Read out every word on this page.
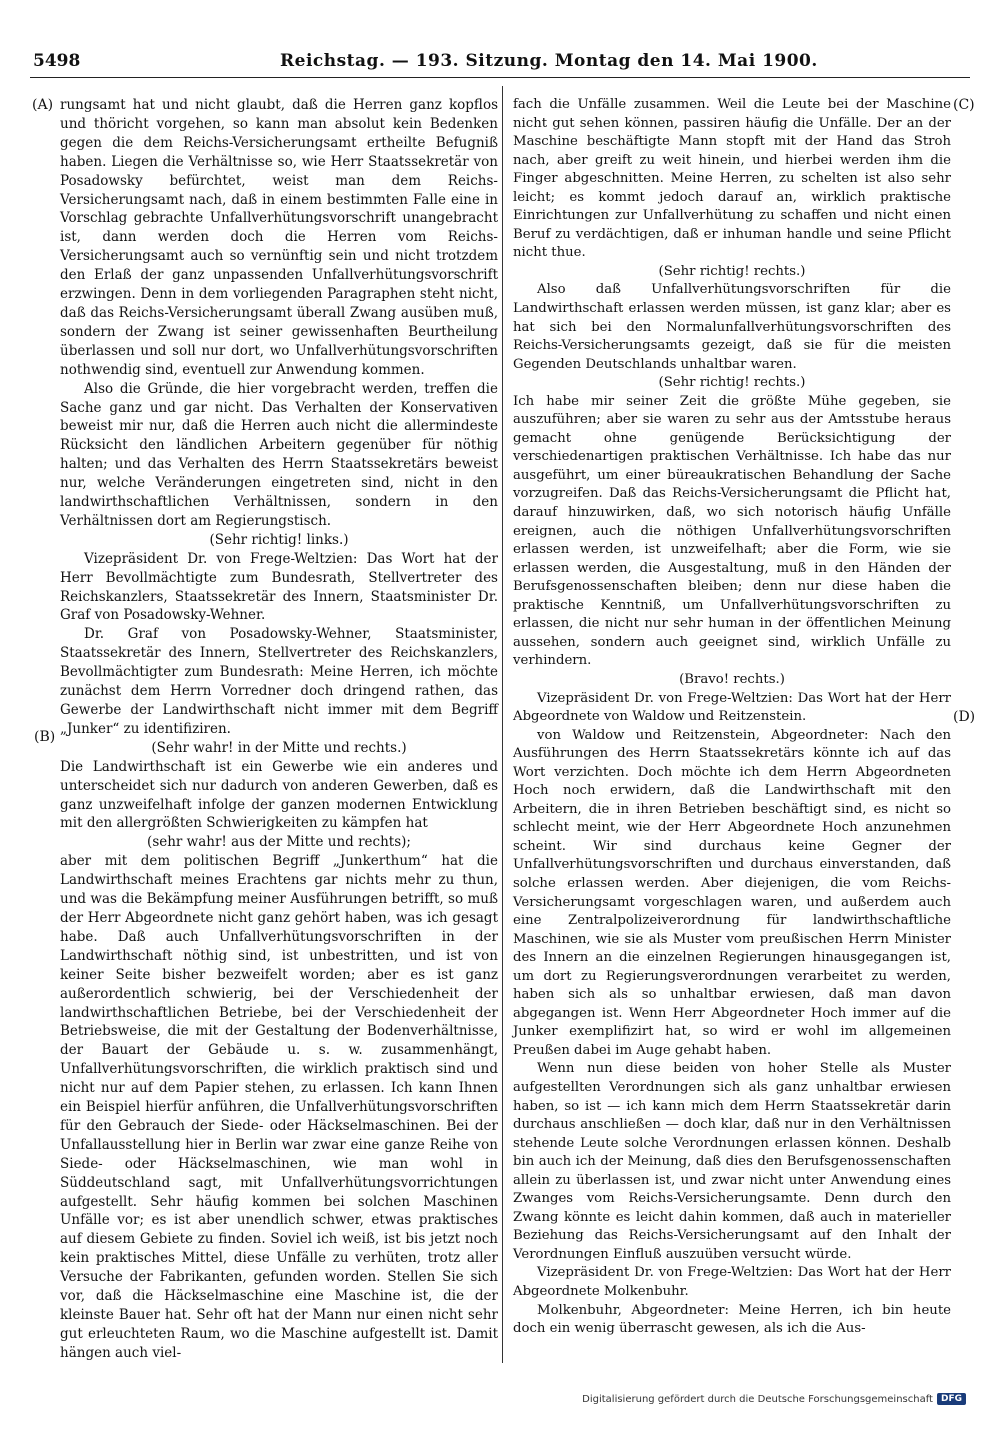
5498	Reichstag. — 193. Sitzung. Montag den 14. Mai 1900.
(A)
(B)
(C)
(D)

rungsamt hat und nicht glaubt, daß die Herren ganz kopflos und thöricht vorgehen, so kann man absolut kein Bedenken gegen die dem Reichs-Versicherungsamt ertheilte Befugniß haben. Liegen die Verhältnisse so, wie Herr Staatssekretär von Posadowsky befürchtet, weist man dem Reichs-Versicherungsamt nach, daß in einem bestimmten Falle eine in Vorschlag gebrachte Unfallverhütungsvorschrift unangebracht ist, dann werden doch die Herren vom Reichs-Versicherungsamt auch so vernünftig sein und nicht trotzdem den Erlaß der ganz unpassenden Unfallverhütungsvorschrift erzwingen. Denn in dem vorliegenden Paragraphen steht nicht, daß das Reichs-Versicherungsamt überall Zwang ausüben muß, sondern der Zwang ist seiner gewissenhaften Beurtheilung überlassen und soll nur dort, wo Unfallverhütungsvorschriften nothwendig sind, eventuell zur Anwendung kommen.

Also die Gründe, die hier vorgebracht werden, treffen die Sache ganz und gar nicht. Das Verhalten der Konservativen beweist mir nur, daß die Herren auch nicht die allermindeste Rücksicht den ländlichen Arbeitern gegenüber für nöthig halten; und das Verhalten des Herrn Staatssekretärs beweist nur, welche Veränderungen eingetreten sind, nicht in den landwirthschaftlichen Verhältnissen, sondern in den Verhältnissen dort am Regierungstisch.

(Sehr richtig! links.)

Vizepräsident Dr. von Frege-Weltzien: Das Wort hat der Herr Bevollmächtigte zum Bundesrath, Stellvertreter des Reichskanzlers, Staatssekretär des Innern, Staatsminister Dr. Graf von Posadowsky-Wehner.

Dr. Graf von Posadowsky-Wehner, Staatsminister, Staatssekretär des Innern, Stellvertreter des Reichskanzlers, Bevollmächtigter zum Bundesrath: Meine Herren, ich möchte zunächst dem Herrn Vorredner doch dringend rathen, das Gewerbe der Landwirthschaft nicht immer mit dem Begriff „Junker“ zu identifiziren.

(Sehr wahr! in der Mitte und rechts.)

Die Landwirthschaft ist ein Gewerbe wie ein anderes und unterscheidet sich nur dadurch von anderen Gewerben, daß es ganz unzweifelhaft infolge der ganzen modernen Entwicklung mit den allergrößten Schwierigkeiten zu kämpfen hat

(sehr wahr! aus der Mitte und rechts);

aber mit dem politischen Begriff „Junkerthum“ hat die Landwirthschaft meines Erachtens gar nichts mehr zu thun, und was die Bekämpfung meiner Ausführungen betrifft, so muß der Herr Abgeordnete nicht ganz gehört haben, was ich gesagt habe. Daß auch Unfallverhütungsvorschriften in der Landwirthschaft nöthig sind, ist unbestritten, und ist von keiner Seite bisher bezweifelt worden; aber es ist ganz außerordentlich schwierig, bei der Verschiedenheit der landwirthschaftlichen Betriebe, bei der Verschiedenheit der Betriebsweise, die mit der Gestaltung der Bodenverhältnisse, der Bauart der Gebäude u. s. w. zusammenhängt, Unfallverhütungsvorschriften, die wirklich praktisch sind und nicht nur auf dem Papier stehen, zu erlassen. Ich kann Ihnen ein Beispiel hierfür anführen, die Unfallverhütungsvorschriften für den Gebrauch der Siede- oder Häckselmaschinen. Bei der Unfallausstellung hier in Berlin war zwar eine ganze Reihe von Siede- oder Häckselmaschinen, wie man wohl in Süddeutschland sagt, mit Unfallverhütungsvorrichtungen aufgestellt. Sehr häufig kommen bei solchen Maschinen Unfälle vor; es ist aber unendlich schwer, etwas praktisches auf diesem Gebiete zu finden. Soviel ich weiß, ist bis jetzt noch kein praktisches Mittel, diese Unfälle zu verhüten, trotz aller Versuche der Fabrikanten, gefunden worden. Stellen Sie sich vor, daß die Häckselmaschine eine Maschine ist, die der kleinste Bauer hat. Sehr oft hat der Mann nur einen nicht sehr gut erleuchteten Raum, wo die Maschine aufgestellt ist. Damit hängen auch viel-

fach die Unfälle zusammen. Weil die Leute bei der Maschine nicht gut sehen können, passiren häufig die Unfälle. Der an der Maschine beschäftigte Mann stopft mit der Hand das Stroh nach, aber greift zu weit hinein, und hierbei werden ihm die Finger abgeschnitten. Meine Herren, zu schelten ist also sehr leicht; es kommt jedoch darauf an, wirklich praktische Einrichtungen zur Unfallverhütung zu schaffen und nicht einen Beruf zu verdächtigen, daß er inhuman handle und seine Pflicht nicht thue.

(Sehr richtig! rechts.)

Also daß Unfallverhütungsvorschriften für die Landwirthschaft erlassen werden müssen, ist ganz klar; aber es hat sich bei den Normalunfallverhütungsvorschriften des Reichs-Versicherungsamts gezeigt, daß sie für die meisten Gegenden Deutschlands unhaltbar waren.

(Sehr richtig! rechts.)

Ich habe mir seiner Zeit die größte Mühe gegeben, sie auszuführen; aber sie waren zu sehr aus der Amtsstube heraus gemacht ohne genügende Berücksichtigung der verschiedenartigen praktischen Verhältnisse. Ich habe das nur ausgeführt, um einer büreaukratischen Behandlung der Sache vorzugreifen. Daß das Reichs-Versicherungsamt die Pflicht hat, darauf hinzuwirken, daß, wo sich notorisch häufig Unfälle ereignen, auch die nöthigen Unfallverhütungsvorschriften erlassen werden, ist unzweifelhaft; aber die Form, wie sie erlassen werden, die Ausgestaltung, muß in den Händen der Berufsgenossenschaften bleiben; denn nur diese haben die praktische Kenntniß, um Unfallverhütungsvorschriften zu erlassen, die nicht nur sehr human in der öffentlichen Meinung aussehen, sondern auch geeignet sind, wirklich Unfälle zu verhindern.

(Bravo! rechts.)

Vizepräsident Dr. von Frege-Weltzien: Das Wort hat der Herr Abgeordnete von Waldow und Reitzenstein.

von Waldow und Reitzenstein, Abgeordneter: Nach den Ausführungen des Herrn Staatssekretärs könnte ich auf das Wort verzichten. Doch möchte ich dem Herrn Abgeordneten Hoch noch erwidern, daß die Landwirthschaft mit den Arbeitern, die in ihren Betrieben beschäftigt sind, es nicht so schlecht meint, wie der Herr Abgeordnete Hoch anzunehmen scheint. Wir sind durchaus keine Gegner der Unfallverhütungsvorschriften und durchaus einverstanden, daß solche erlassen werden. Aber diejenigen, die vom Reichs-Versicherungsamt vorgeschlagen waren, und außerdem auch eine Zentralpolizeiverordnung für landwirthschaftliche Maschinen, wie sie als Muster vom preußischen Herrn Minister des Innern an die einzelnen Regierungen hinausgegangen ist, um dort zu Regierungsverordnungen verarbeitet zu werden, haben sich als so unhaltbar erwiesen, daß man davon abgegangen ist. Wenn Herr Abgeordneter Hoch immer auf die Junker exemplifizirt hat, so wird er wohl im allgemeinen Preußen dabei im Auge gehabt haben.

Wenn nun diese beiden von hoher Stelle als Muster aufgestellten Verordnungen sich als ganz unhaltbar erwiesen haben, so ist — ich kann mich dem Herrn Staatssekretär darin durchaus anschließen — doch klar, daß nur in den Verhältnissen stehende Leute solche Verordnungen erlassen können. Deshalb bin auch ich der Meinung, daß dies den Berufsgenossenschaften allein zu überlassen ist, und zwar nicht unter Anwendung eines Zwanges vom Reichs-Versicherungsamte. Denn durch den Zwang könnte es leicht dahin kommen, daß auch in materieller Beziehung das Reichs-Versicherungsamt auf den Inhalt der Verordnungen Einfluß auszuüben versucht würde.

Vizepräsident Dr. von Frege-Weltzien: Das Wort hat der Herr Abgeordnete Molkenbuhr.

Molkenbuhr, Abgeordneter: Meine Herren, ich bin heute doch ein wenig überrascht gewesen, als ich die Aus-

Digitalisierung gefördert durch die Deutsche Forschungsgemeinschaft DFG
